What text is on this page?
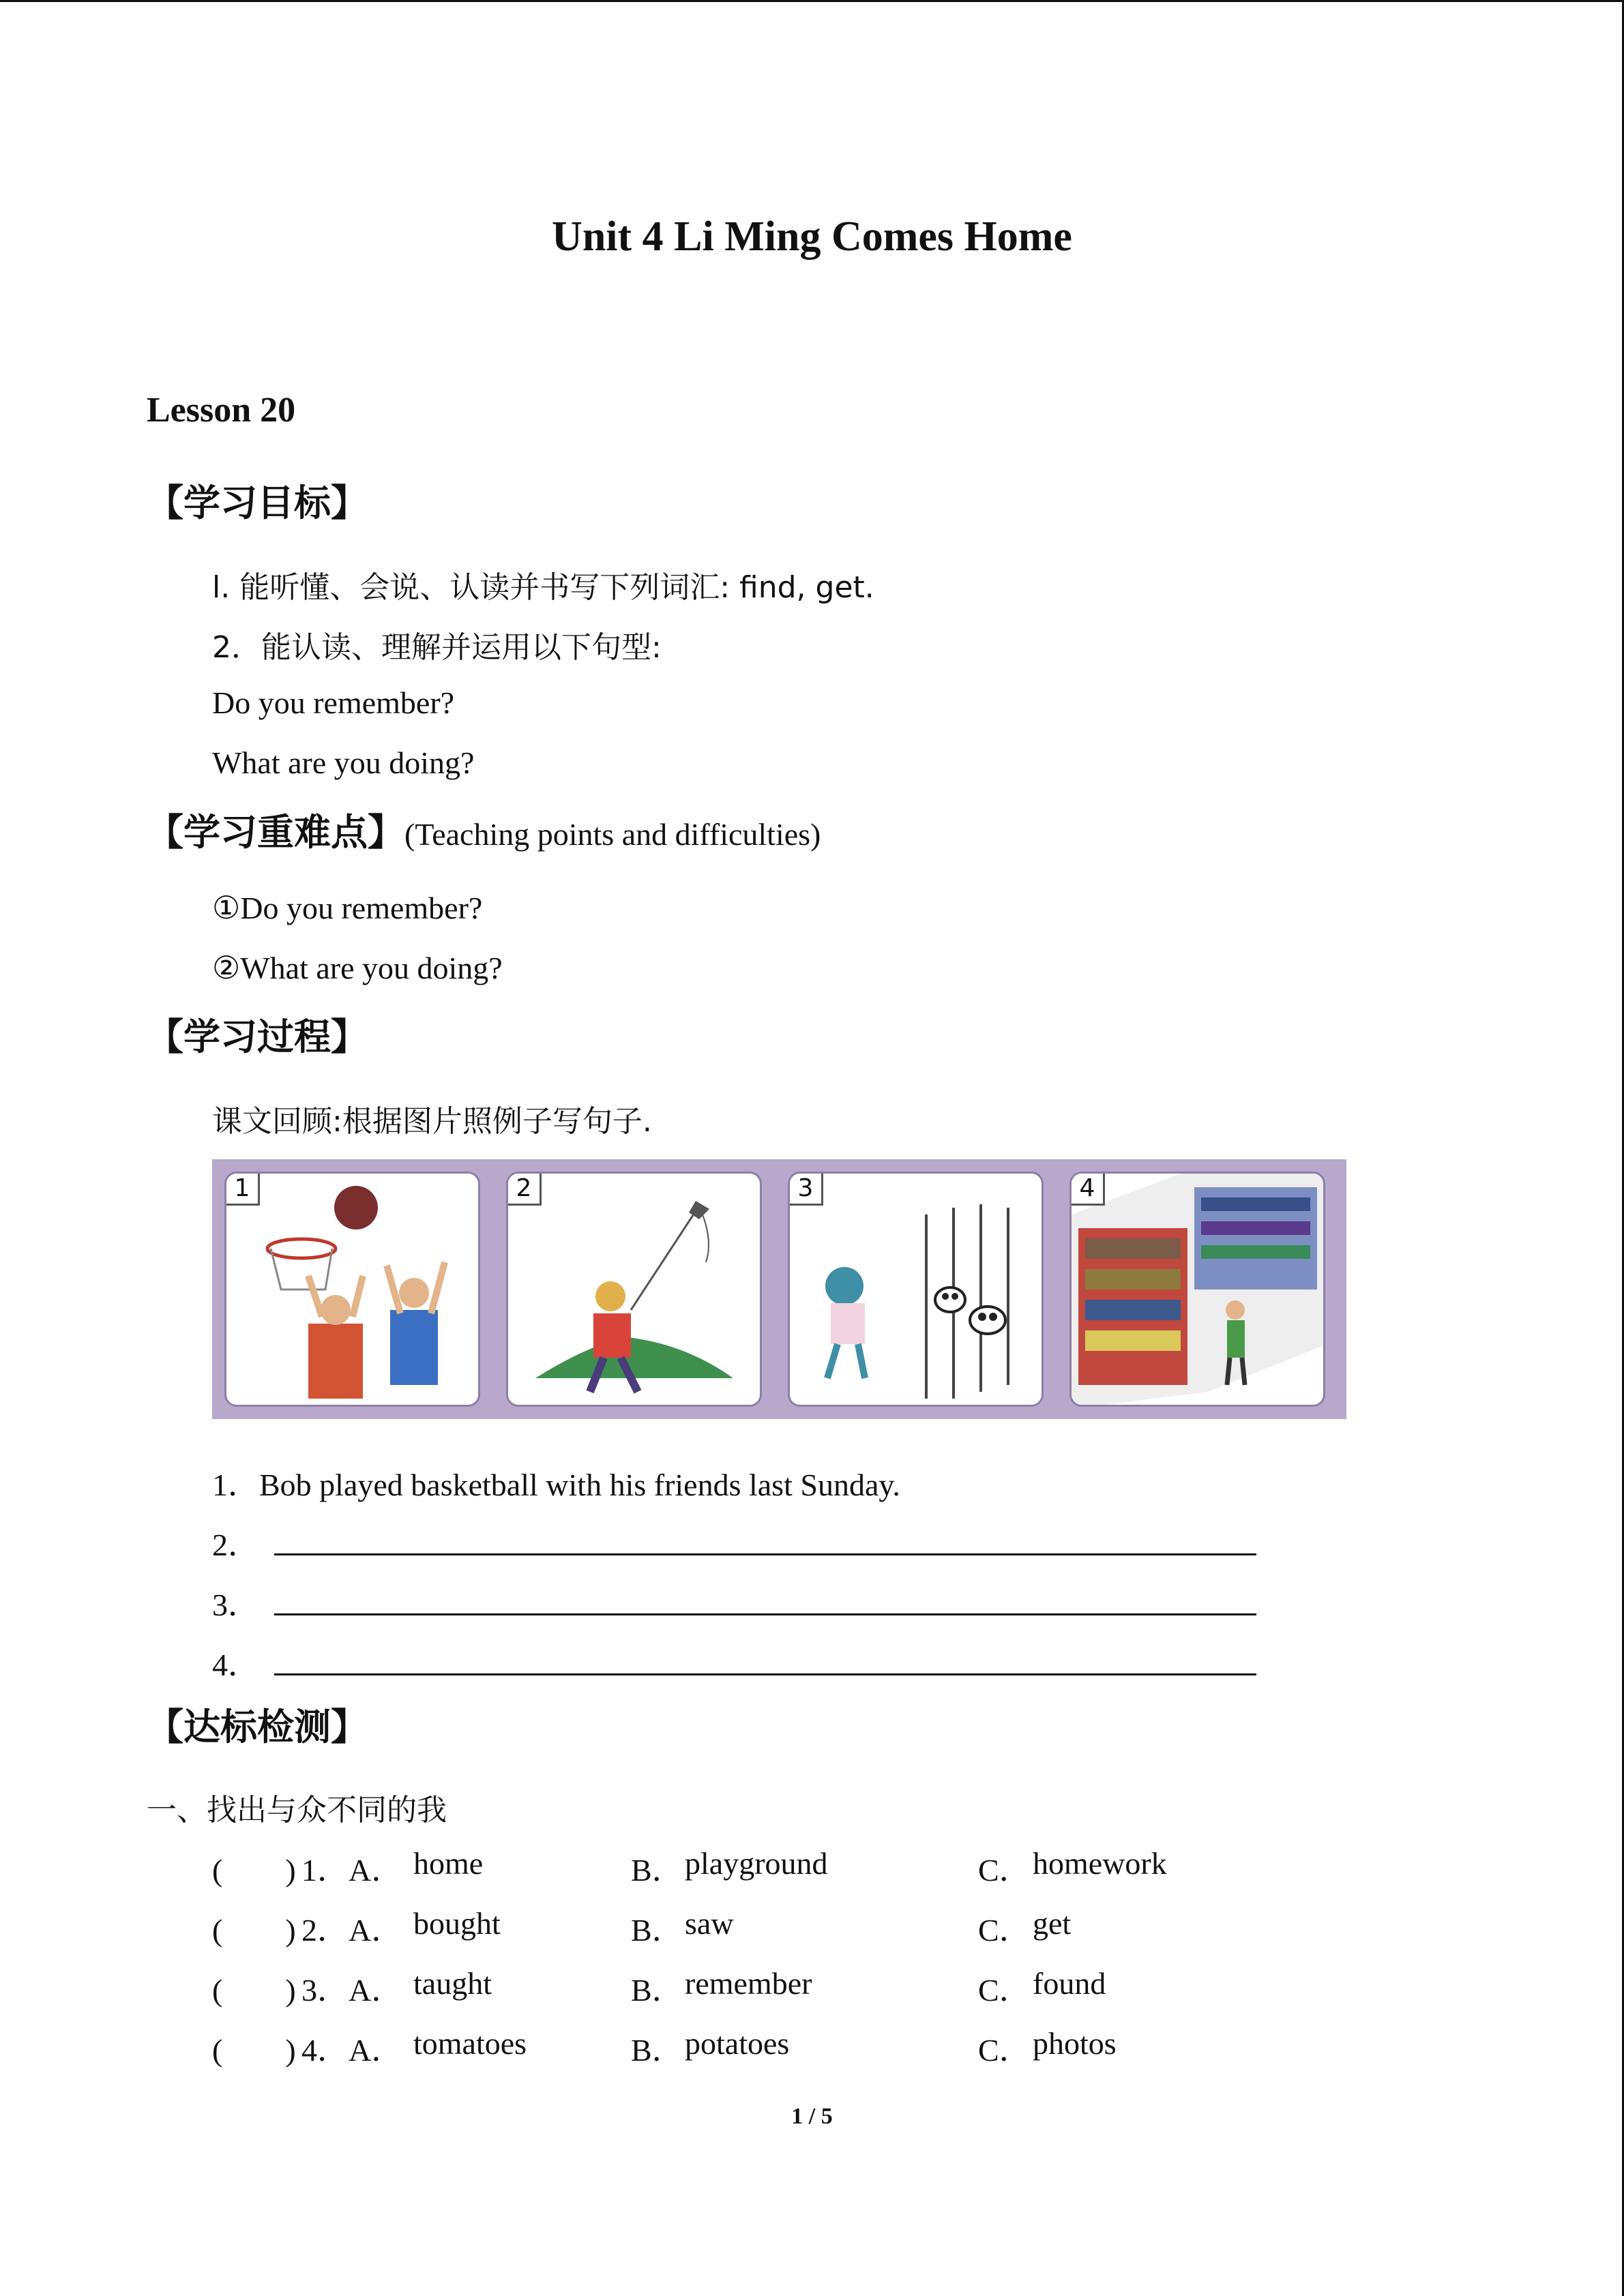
Unit 4 Li Ming Comes Home
Lesson 20
【学习目标】
l. 能听懂、会说、认读并书写下列词汇: find, get.
2．能认读、理解并运用以下句型:
Do you remember?
What are you doing?
【学习重难点】(Teaching points and difficulties)
①Do you remember?
②What are you doing?
【学习过程】
课文回顾:根据图片照例子写句子.
1	2	3	4
1．Bob played basketball with his friends last Sunday.
2．
3．
4．
【达标检测】
一、找出与众不同的我
(　　) 1．A． home	B． playground	C． homework
(　　) 2．A． bought	B． saw	C． get
(　　) 3．A． taught	B． remember	C． found
(　　) 4．A． tomatoes	B． potatoes	C． photos
1 / 5
